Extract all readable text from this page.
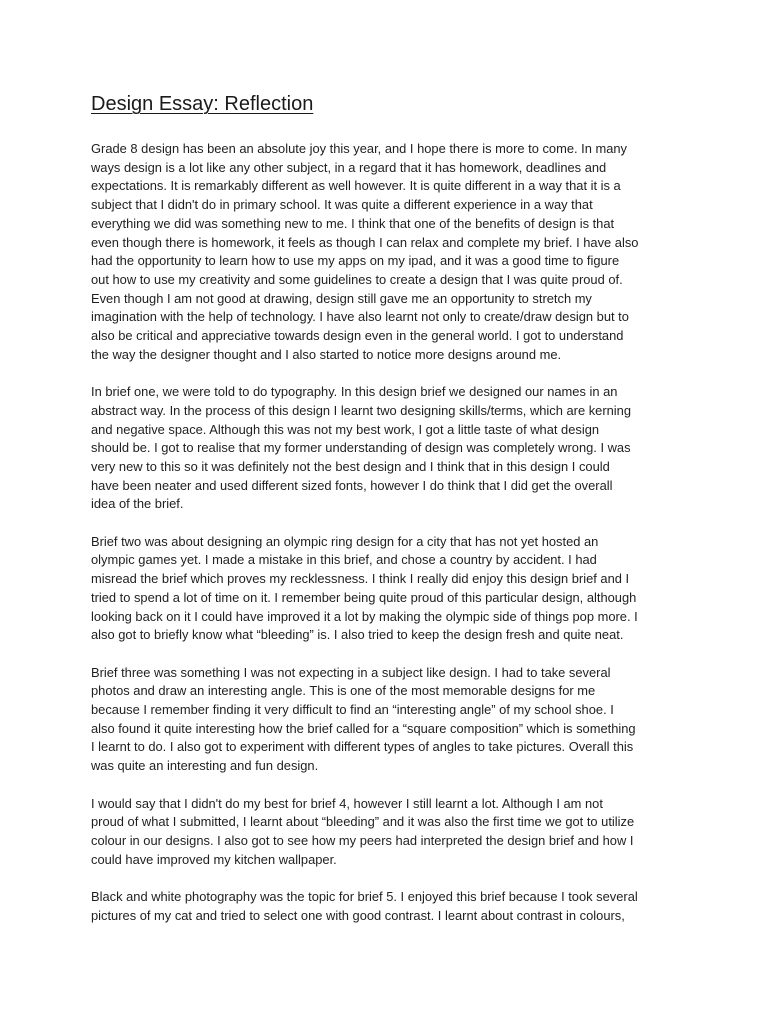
Design Essay: Reflection

Grade 8 design has been an absolute joy this year, and I hope there is more to come. In many
ways design is a lot like any other subject, in a regard that it has homework, deadlines and
expectations. It is remarkably different as well however. It is quite different in a way that it is a
subject that I didn't do in primary school. It was quite a different experience in a way that
everything we did was something new to me. I think that one of the benefits of design is that
even though there is homework, it feels as though I can relax and complete my brief. I have also
had the opportunity to learn how to use my apps on my ipad, and it was a good time to figure
out how to use my creativity and some guidelines to create a design that I was quite proud of.
Even though I am not good at drawing, design still gave me an opportunity to stretch my
imagination with the help of technology. I have also learnt not only to create/draw design but to
also be critical and appreciative towards design even in the general world. I got to understand
the way the designer thought and I also started to notice more designs around me.

In brief one, we were told to do typography. In this design brief we designed our names in an
abstract way. In the process of this design I learnt two designing skills/terms, which are kerning
and negative space. Although this was not my best work, I got a little taste of what design
should be. I got to realise that my former understanding of design was completely wrong. I was
very new to this so it was definitely not the best design and I think that in this design I could
have been neater and used different sized fonts, however I do think that I did get the overall
idea of the brief.

Brief two was about designing an olympic ring design for a city that has not yet hosted an
olympic games yet. I made a mistake in this brief, and chose a country by accident. I had
misread the brief which proves my recklessness. I think I really did enjoy this design brief and I
tried to spend a lot of time on it. I remember being quite proud of this particular design, although
looking back on it I could have improved it a lot by making the olympic side of things pop more. I
also got to briefly know what “bleeding” is. I also tried to keep the design fresh and quite neat.

Brief three was something I was not expecting in a subject like design. I had to take several
photos and draw an interesting angle. This is one of the most memorable designs for me
because I remember finding it very difficult to find an “interesting angle” of my school shoe. I
also found it quite interesting how the brief called for a “square composition” which is something
I learnt to do. I also got to experiment with different types of angles to take pictures. Overall this
was quite an interesting and fun design.

I would say that I didn't do my best for brief 4, however I still learnt a lot. Although I am not
proud of what I submitted, I learnt about “bleeding” and it was also the first time we got to utilize
colour in our designs. I also got to see how my peers had interpreted the design brief and how I
could have improved my kitchen wallpaper.

Black and white photography was the topic for brief 5. I enjoyed this brief because I took several
pictures of my cat and tried to select one with good contrast. I learnt about contrast in colours,
